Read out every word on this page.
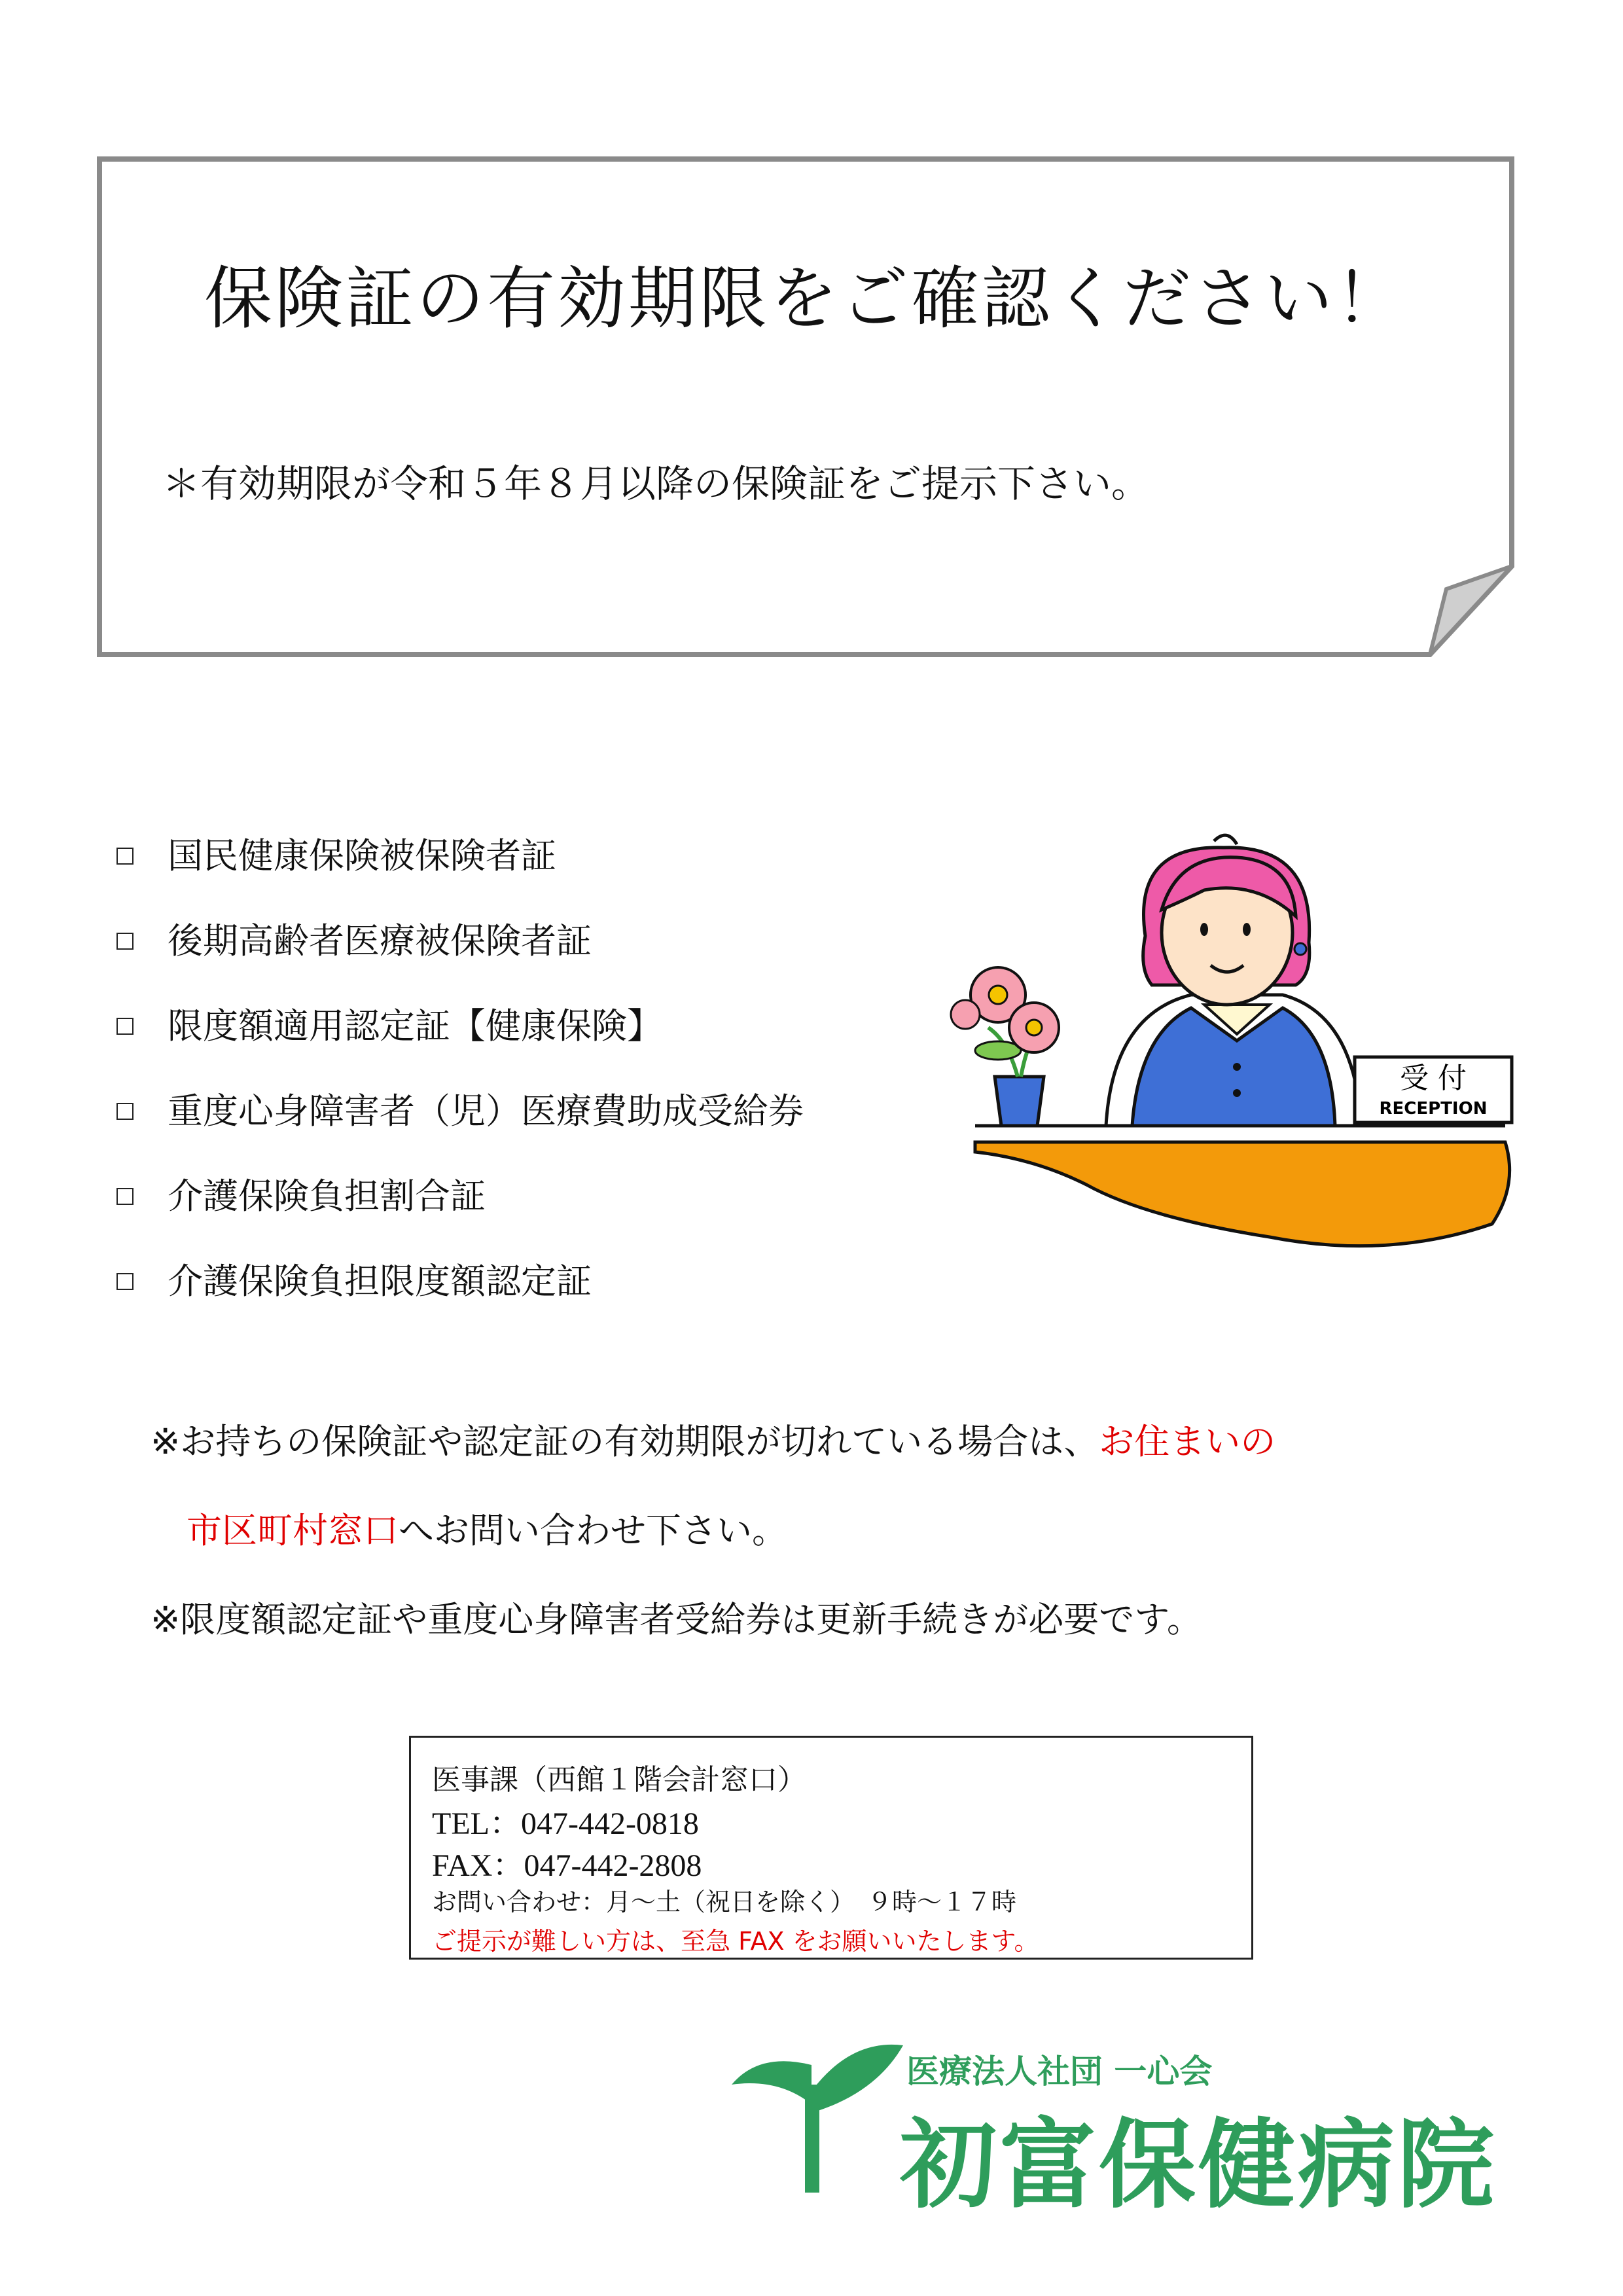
保険証の有効期限をご確認ください！
＊有効期限が令和５年８月以降の保険証をご提示下さい。
国民健康保険被保険者証
後期高齢者医療被保険者証
限度額適用認定証【健康保険】
重度心身障害者（児）医療費助成受給券
介護保険負担割合証
介護保険負担限度額認定証
受 付
RECEPTION

※お持ちの保険証や認定証の有効期限が切れている場合は、お住まいの

市区町村窓口へお問い合わせ下さい。

※限度額認定証や重度心身障害者受給券は更新手続きが必要です。

医事課（西館１階会計窓口）
TEL：047-442-0818
FAX：047-442-2808
お問い合わせ：月～土（祝日を除く）　９時～１７時
ご提示が難しい方は、至急 FAX をお願いいたします。
医療法人社団 一心会
初富保健病院
